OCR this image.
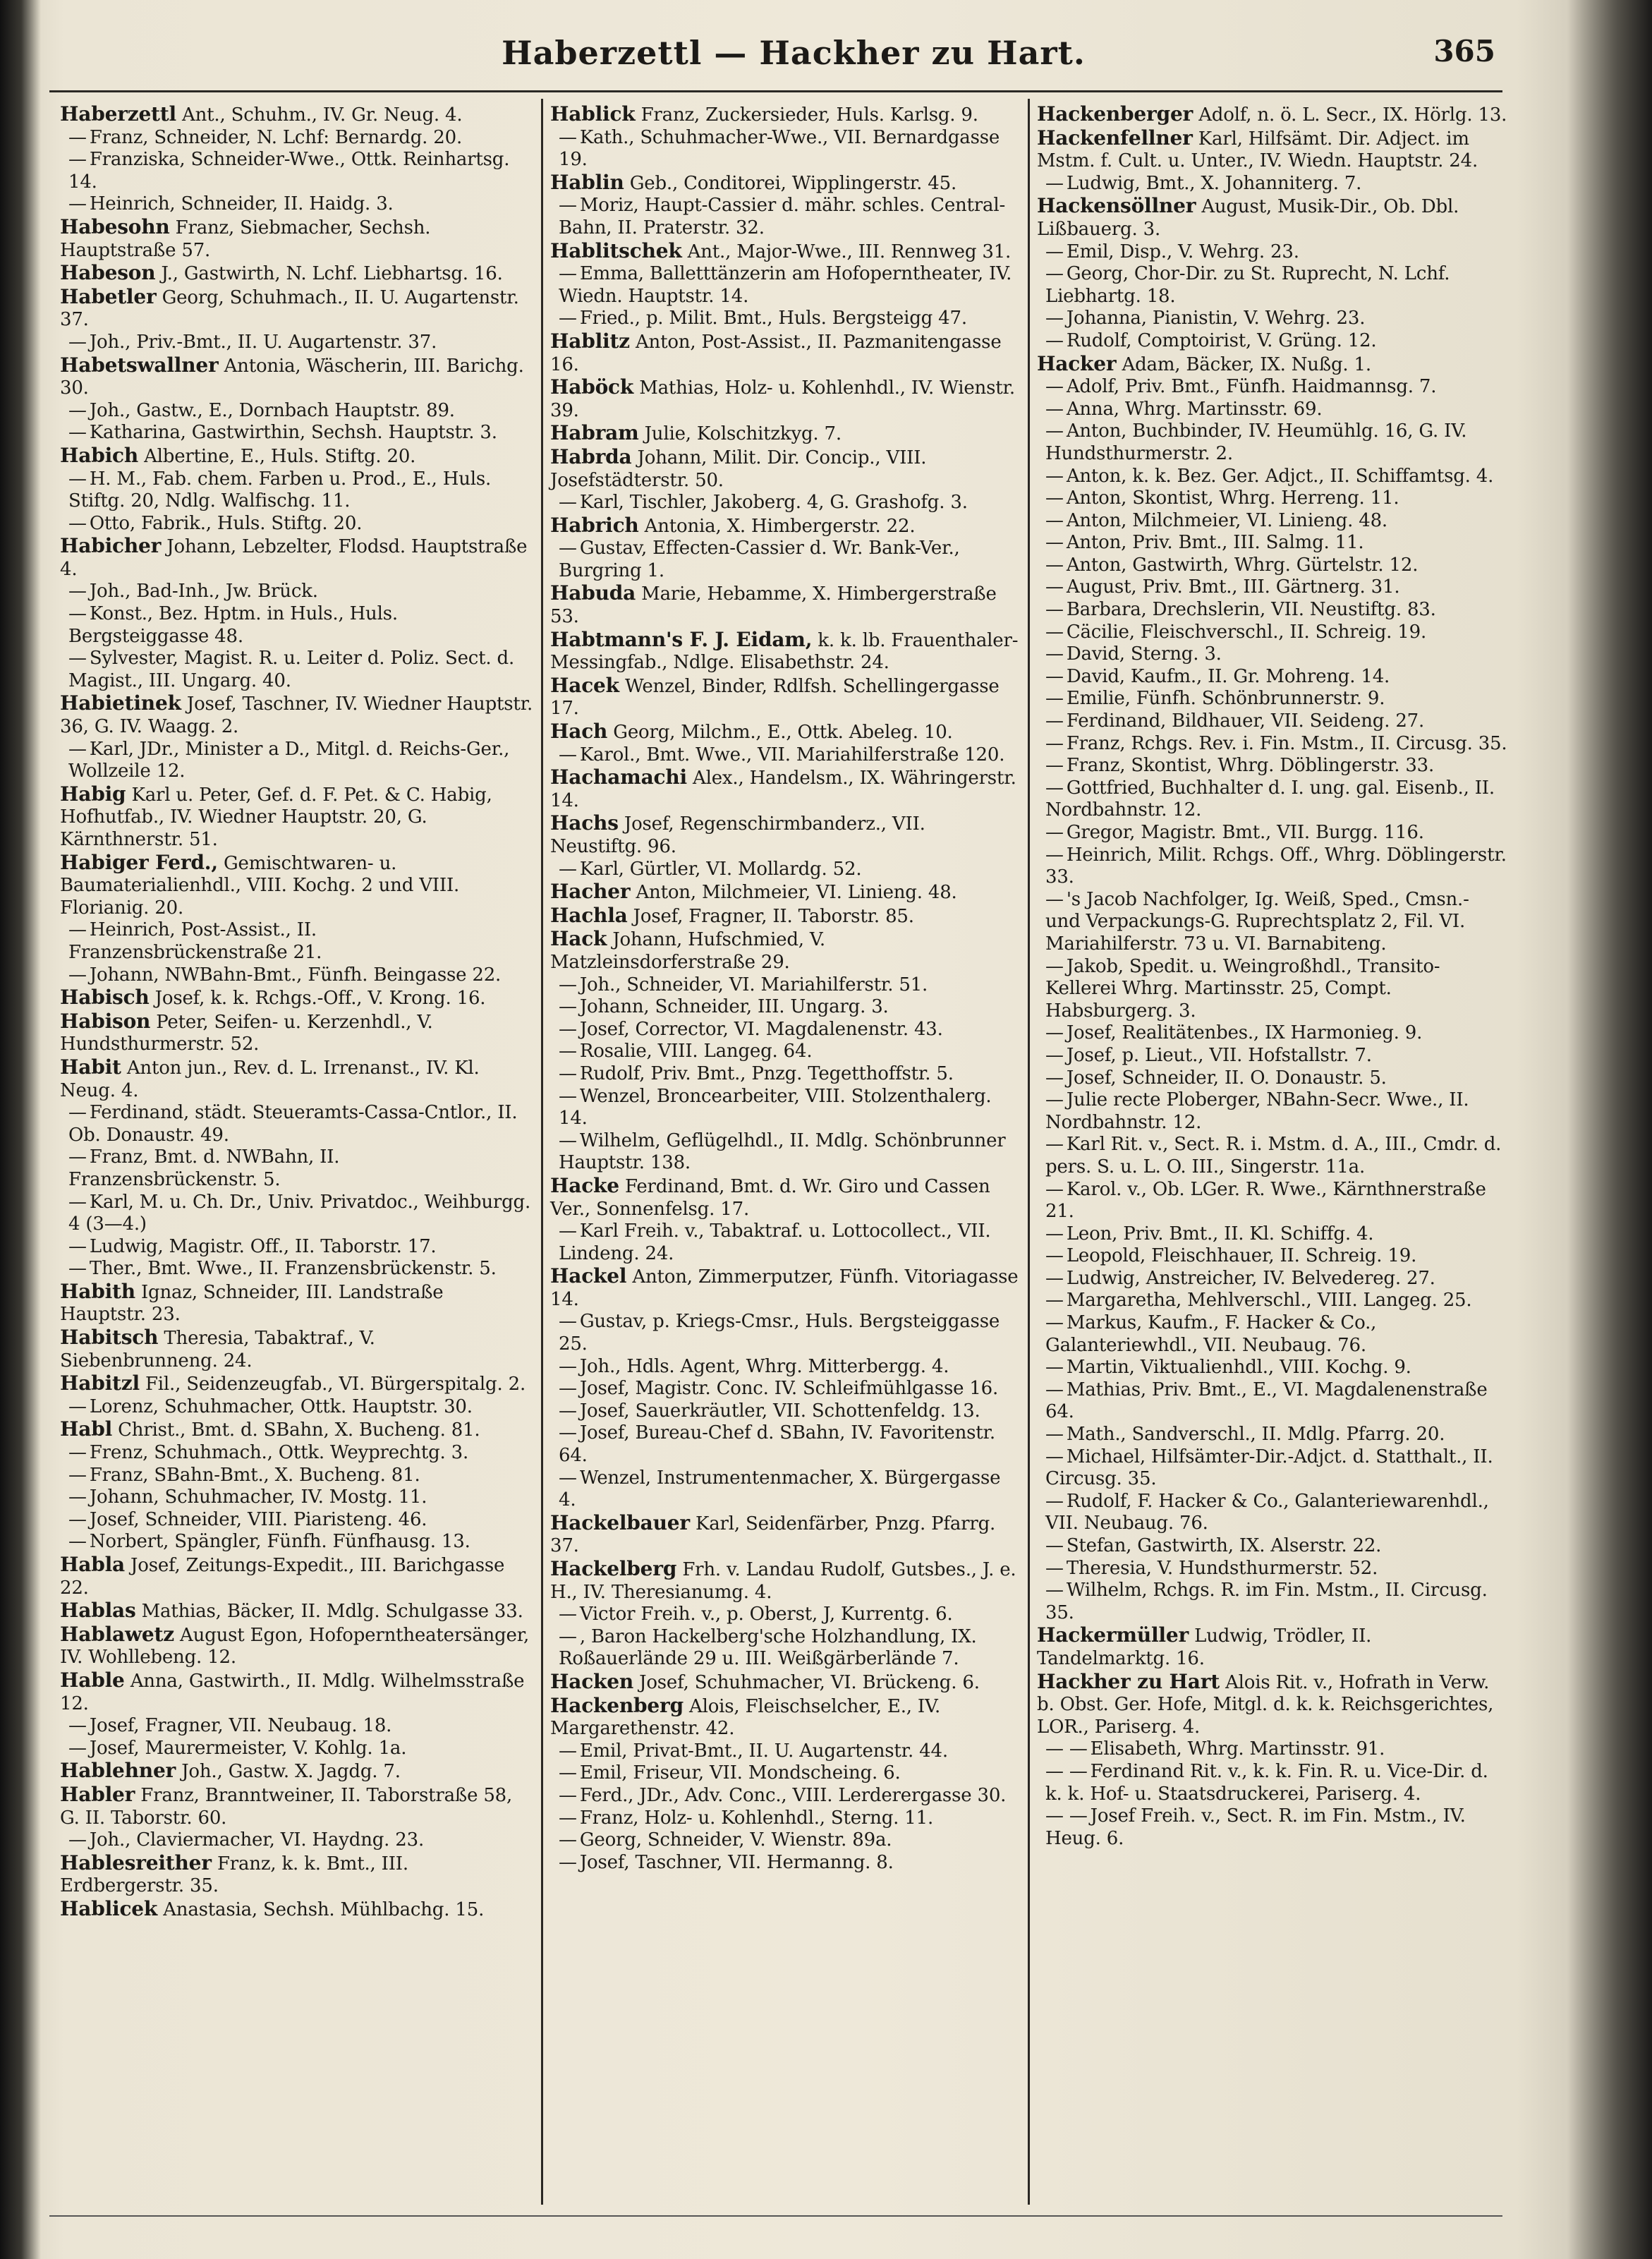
Haberzettl — Hackher zu Hart.	365

Haberzettl Ant., Schuhm., IV. Gr. Neug. 4.

— Franz, Schneider, N. Lchf: Bernardg. 20.

— Franziska, Schneider-Wwe., Ottk. Reinhartsg. 14.

— Heinrich, Schneider, II. Haidg. 3.

Habesohn Franz, Siebmacher, Sechsh. Hauptstraße 57.

Habeson J., Gastwirth, N. Lchf. Liebhartsg. 16.

Habetler Georg, Schuhmach., II. U. Augartenstr. 37.

— Joh., Priv.-Bmt., II. U. Augartenstr. 37.

Habetswallner Antonia, Wäscherin, III. Barichg. 30.

— Joh., Gastw., E., Dornbach Hauptstr. 89.

— Katharina, Gastwirthin, Sechsh. Hauptstr. 3.

Habich Albertine, E., Huls. Stiftg. 20.

— H. M., Fab. chem. Farben u. Prod., E., Huls. Stiftg. 20, Ndlg. Walfischg. 11.

— Otto, Fabrik., Huls. Stiftg. 20.

Habicher Johann, Lebzelter, Flodsd. Hauptstraße 4.

— Joh., Bad-Inh., Jw. Brück.

— Konst., Bez. Hptm. in Huls., Huls. Bergsteiggasse 48.

— Sylvester, Magist. R. u. Leiter d. Poliz. Sect. d. Magist., III. Ungarg. 40.

Habietinek Josef, Taschner, IV. Wiedner Hauptstr. 36, G. IV. Waagg. 2.

— Karl, JDr., Minister a D., Mitgl. d. Reichs-Ger., Wollzeile 12.

Habig Karl u. Peter, Gef. d. F. Pet. & C. Habig, Hofhutfab., IV. Wiedner Hauptstr. 20, G. Kärnthnerstr. 51.

Habiger Ferd., Gemischtwaren- u. Baumaterialienhdl., VIII. Kochg. 2 und VIII. Florianig. 20.

— Heinrich, Post-Assist., II. Franzensbrückenstraße 21.

— Johann, NWBahn-Bmt., Fünfh. Beingasse 22.

Habisch Josef, k. k. Rchgs.-Off., V. Krong. 16.

Habison Peter, Seifen- u. Kerzenhdl., V. Hundsthurmerstr. 52.

Habit Anton jun., Rev. d. L. Irrenanst., IV. Kl. Neug. 4.

— Ferdinand, städt. Steueramts-Cassa-Cntlor., II. Ob. Donaustr. 49.

— Franz, Bmt. d. NWBahn, II. Franzensbrückenstr. 5.

— Karl, M. u. Ch. Dr., Univ. Privatdoc., Weihburgg. 4 (3—4.)

— Ludwig, Magistr. Off., II. Taborstr. 17.

— Ther., Bmt. Wwe., II. Franzensbrückenstr. 5.

Habith Ignaz, Schneider, III. Landstraße Hauptstr. 23.

Habitsch Theresia, Tabaktraf., V. Siebenbrunneng. 24.

Habitzl Fil., Seidenzeugfab., VI. Bürgerspitalg. 2.

— Lorenz, Schuhmacher, Ottk. Hauptstr. 30.

Habl Christ., Bmt. d. SBahn, X. Bucheng. 81.

— Frenz, Schuhmach., Ottk. Weyprechtg. 3.

— Franz, SBahn-Bmt., X. Bucheng. 81.

— Johann, Schuhmacher, IV. Mostg. 11.

— Josef, Schneider, VIII. Piaristeng. 46.

— Norbert, Spängler, Fünfh. Fünfhausg. 13.

Habla Josef, Zeitungs-Expedit., III. Barichgasse 22.

Hablas Mathias, Bäcker, II. Mdlg. Schulgasse 33.

Hablawetz August Egon, Hofoperntheatersänger, IV. Wohllebeng. 12.

Hable Anna, Gastwirth., II. Mdlg. Wilhelmsstraße 12.

— Josef, Fragner, VII. Neubaug. 18.

— Josef, Maurermeister, V. Kohlg. 1a.

Hablehner Joh., Gastw. X. Jagdg. 7.

Habler Franz, Branntweiner, II. Taborstraße 58, G. II. Taborstr. 60.

— Joh., Claviermacher, VI. Haydng. 23.

Hablesreither Franz, k. k. Bmt., III. Erdbergerstr. 35.

Hablicek Anastasia, Sechsh. Mühlbachg. 15.

Hablick Franz, Zuckersieder, Huls. Karlsg. 9.

— Kath., Schuhmacher-Wwe., VII. Bernardgasse 19.

Hablin Geb., Conditorei, Wipplingerstr. 45.

— Moriz, Haupt-Cassier d. mähr. schles. Central-Bahn, II. Praterstr. 32.

Hablitschek Ant., Major-Wwe., III. Rennweg 31.

— Emma, Balletttänzerin am Hofoperntheater, IV. Wiedn. Hauptstr. 14.

— Fried., p. Milit. Bmt., Huls. Bergsteigg 47.

Hablitz Anton, Post-Assist., II. Pazmanitengasse 16.

Haböck Mathias, Holz- u. Kohlenhdl., IV. Wienstr. 39.

Habram Julie, Kolschitzkyg. 7.

Habrda Johann, Milit. Dir. Concip., VIII. Josefstädterstr. 50.

— Karl, Tischler, Jakoberg. 4, G. Grashofg. 3.

Habrich Antonia, X. Himbergerstr. 22.

— Gustav, Effecten-Cassier d. Wr. Bank-Ver., Burgring 1.

Habuda Marie, Hebamme, X. Himbergerstraße 53.

Habtmann's F. J. Eidam, k. k. lb. Frauenthaler-Messingfab., Ndlge. Elisabethstr. 24.

Hacek Wenzel, Binder, Rdlfsh. Schellingergasse 17.

Hach Georg, Milchm., E., Ottk. Abeleg. 10.

— Karol., Bmt. Wwe., VII. Mariahilferstraße 120.

Hachamachi Alex., Handelsm., IX. Währingerstr. 14.

Hachs Josef, Regenschirmbanderz., VII. Neustiftg. 96.

— Karl, Gürtler, VI. Mollardg. 52.

Hacher Anton, Milchmeier, VI. Linieng. 48.

Hachla Josef, Fragner, II. Taborstr. 85.

Hack Johann, Hufschmied, V. Matzleinsdorferstraße 29.

— Joh., Schneider, VI. Mariahilferstr. 51.

— Johann, Schneider, III. Ungarg. 3.

— Josef, Corrector, VI. Magdalenenstr. 43.

— Rosalie, VIII. Langeg. 64.

— Rudolf, Priv. Bmt., Pnzg. Tegetthoffstr. 5.

— Wenzel, Broncearbeiter, VIII. Stolzenthalerg. 14.

— Wilhelm, Geflügelhdl., II. Mdlg. Schönbrunner Hauptstr. 138.

Hacke Ferdinand, Bmt. d. Wr. Giro und Cassen Ver., Sonnenfelsg. 17.

— Karl Freih. v., Tabaktraf. u. Lottocollect., VII. Lindeng. 24.

Hackel Anton, Zimmerputzer, Fünfh. Vitoriagasse 14.

— Gustav, p. Kriegs-Cmsr., Huls. Bergsteiggasse 25.

— Joh., Hdls. Agent, Whrg. Mitterbergg. 4.

— Josef, Magistr. Conc. IV. Schleifmühlgasse 16.

— Josef, Sauerkräutler, VII. Schottenfeldg. 13.

— Josef, Bureau-Chef d. SBahn, IV. Favoritenstr. 64.

— Wenzel, Instrumentenmacher, X. Bürgergasse 4.

Hackelbauer Karl, Seidenfärber, Pnzg. Pfarrg. 37.

Hackelberg Frh. v. Landau Rudolf, Gutsbes., J. e. H., IV. Theresianumg. 4.

— Victor Freih. v., p. Oberst, J, Kurrentg. 6.

— , Baron Hackelberg'sche Holzhandlung, IX. Roßauerlände 29 u. III. Weißgärberlände 7.

Hacken Josef, Schuhmacher, VI. Brückeng. 6.

Hackenberg Alois, Fleischselcher, E., IV. Margarethenstr. 42.

— Emil, Privat-Bmt., II. U. Augartenstr. 44.

— Emil, Friseur, VII. Mondscheing. 6.

— Ferd., JDr., Adv. Conc., VIII. Lerderergasse 30.

— Franz, Holz- u. Kohlenhdl., Sterng. 11.

— Georg, Schneider, V. Wienstr. 89a.

— Josef, Taschner, VII. Hermanng. 8.

Hackenberger Adolf, n. ö. L. Secr., IX. Hörlg. 13.

Hackenfellner Karl, Hilfsämt. Dir. Adject. im Mstm. f. Cult. u. Unter., IV. Wiedn. Hauptstr. 24.

— Ludwig, Bmt., X. Johanniterg. 7.

Hackensöllner August, Musik-Dir., Ob. Dbl. Lißbauerg. 3.

— Emil, Disp., V. Wehrg. 23.

— Georg, Chor-Dir. zu St. Ruprecht, N. Lchf. Liebhartg. 18.

— Johanna, Pianistin, V. Wehrg. 23.

— Rudolf, Comptoirist, V. Grüng. 12.

Hacker Adam, Bäcker, IX. Nußg. 1.

— Adolf, Priv. Bmt., Fünfh. Haidmannsg. 7.

— Anna, Whrg. Martinsstr. 69.

— Anton, Buchbinder, IV. Heumühlg. 16, G. IV. Hundsthurmerstr. 2.

— Anton, k. k. Bez. Ger. Adjct., II. Schiffamtsg. 4.

— Anton, Skontist, Whrg. Herreng. 11.

— Anton, Milchmeier, VI. Linieng. 48.

— Anton, Priv. Bmt., III. Salmg. 11.

— Anton, Gastwirth, Whrg. Gürtelstr. 12.

— August, Priv. Bmt., III. Gärtnerg. 31.

— Barbara, Drechslerin, VII. Neustiftg. 83.

— Cäcilie, Fleischverschl., II. Schreig. 19.

— David, Sterng. 3.

— David, Kaufm., II. Gr. Mohreng. 14.

— Emilie, Fünfh. Schönbrunnerstr. 9.

— Ferdinand, Bildhauer, VII. Seideng. 27.

— Franz, Rchgs. Rev. i. Fin. Mstm., II. Circusg. 35.

— Franz, Skontist, Whrg. Döblingerstr. 33.

— Gottfried, Buchhalter d. I. ung. gal. Eisenb., II. Nordbahnstr. 12.

— Gregor, Magistr. Bmt., VII. Burgg. 116.

— Heinrich, Milit. Rchgs. Off., Whrg. Döblingerstr. 33.

— 's Jacob Nachfolger, Ig. Weiß, Sped., Cmsn.- und Verpackungs-G. Ruprechtsplatz 2, Fil. VI. Mariahilferstr. 73 u. VI. Barnabiteng.

— Jakob, Spedit. u. Weingroßhdl., Transito-Kellerei Whrg. Martinsstr. 25, Compt. Habsburgerg. 3.

— Josef, Realitätenbes., IX Harmonieg. 9.

— Josef, p. Lieut., VII. Hofstallstr. 7.

— Josef, Schneider, II. O. Donaustr. 5.

— Julie recte Ploberger, NBahn-Secr. Wwe., II. Nordbahnstr. 12.

— Karl Rit. v., Sect. R. i. Mstm. d. A., III., Cmdr. d. pers. S. u. L. O. III., Singerstr. 11a.

— Karol. v., Ob. LGer. R. Wwe., Kärnthnerstraße 21.

— Leon, Priv. Bmt., II. Kl. Schiffg. 4.

— Leopold, Fleischhauer, II. Schreig. 19.

— Ludwig, Anstreicher, IV. Belvedereg. 27.

— Margaretha, Mehlverschl., VIII. Langeg. 25.

— Markus, Kaufm., F. Hacker & Co., Galanteriewhdl., VII. Neubaug. 76.

— Martin, Viktualienhdl., VIII. Kochg. 9.

— Mathias, Priv. Bmt., E., VI. Magdalenenstraße 64.

— Math., Sandverschl., II. Mdlg. Pfarrg. 20.

— Michael, Hilfsämter-Dir.-Adjct. d. Statthalt., II. Circusg. 35.

— Rudolf, F. Hacker & Co., Galanteriewarenhdl., VII. Neubaug. 76.

— Stefan, Gastwirth, IX. Alserstr. 22.

— Theresia, V. Hundsthurmerstr. 52.

— Wilhelm, Rchgs. R. im Fin. Mstm., II. Circusg. 35.

Hackermüller Ludwig, Trödler, II. Tandelmarktg. 16.

Hackher zu Hart Alois Rit. v., Hofrath in Verw. b. Obst. Ger. Hofe, Mitgl. d. k. k. Reichsgerichtes, LOR., Pariserg. 4.

— — Elisabeth, Whrg. Martinsstr. 91.

— — Ferdinand Rit. v., k. k. Fin. R. u. Vice-Dir. d. k. k. Hof- u. Staatsdruckerei, Pariserg. 4.

— — Josef Freih. v., Sect. R. im Fin. Mstm., IV. Heug. 6.
